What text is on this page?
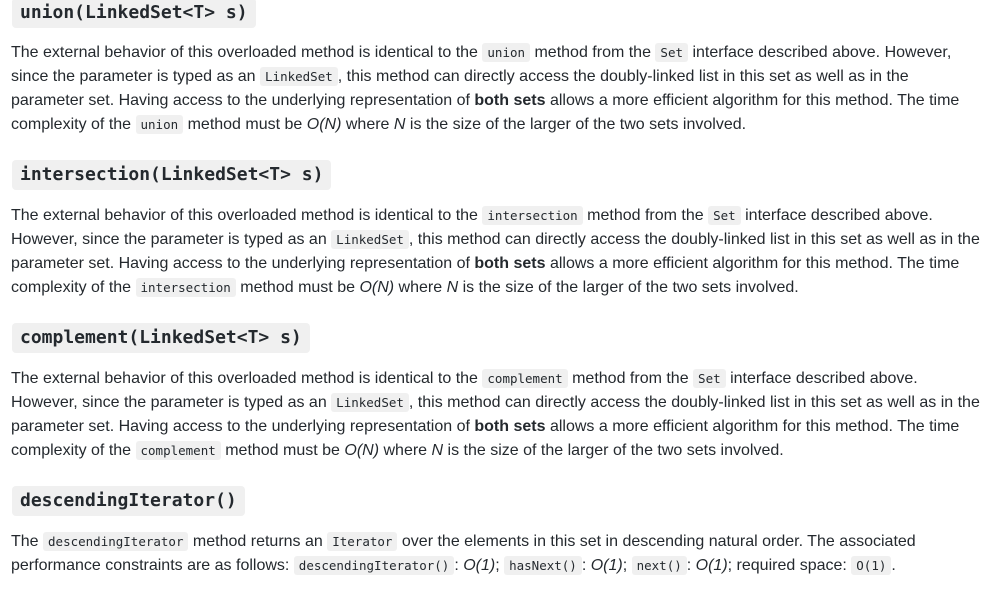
union(LinkedSet<T> s)

The external behavior of this overloaded method is identical to the union method from the Set interface described above. However, since the parameter is typed as an LinkedSet , this method can directly access the doubly-linked list in this set as well as in the parameter set. Having access to the underlying representation of both sets allows a more efficient algorithm for this method. The time complexity of the union method must be O(N) where N is the size of the larger of the two sets involved.

intersection(LinkedSet<T> s)

The external behavior of this overloaded method is identical to the intersection method from the Set interface described above. However, since the parameter is typed as an LinkedSet , this method can directly access the doubly-linked list in this set as well as in the parameter set. Having access to the underlying representation of both sets allows a more efficient algorithm for this method. The time complexity of the intersection method must be O(N) where N is the size of the larger of the two sets involved.

complement(LinkedSet<T> s)

The external behavior of this overloaded method is identical to the complement method from the Set interface described above. However, since the parameter is typed as an LinkedSet , this method can directly access the doubly-linked list in this set as well as in the parameter set. Having access to the underlying representation of both sets allows a more efficient algorithm for this method. The time complexity of the complement method must be O(N) where N is the size of the larger of the two sets involved.

descendingIterator()

The descendingIterator method returns an Iterator over the elements in this set in descending natural order. The associated performance constraints are as follows: descendingIterator() : O(1); hasNext() : O(1); next() : O(1); required space: O(1) .
